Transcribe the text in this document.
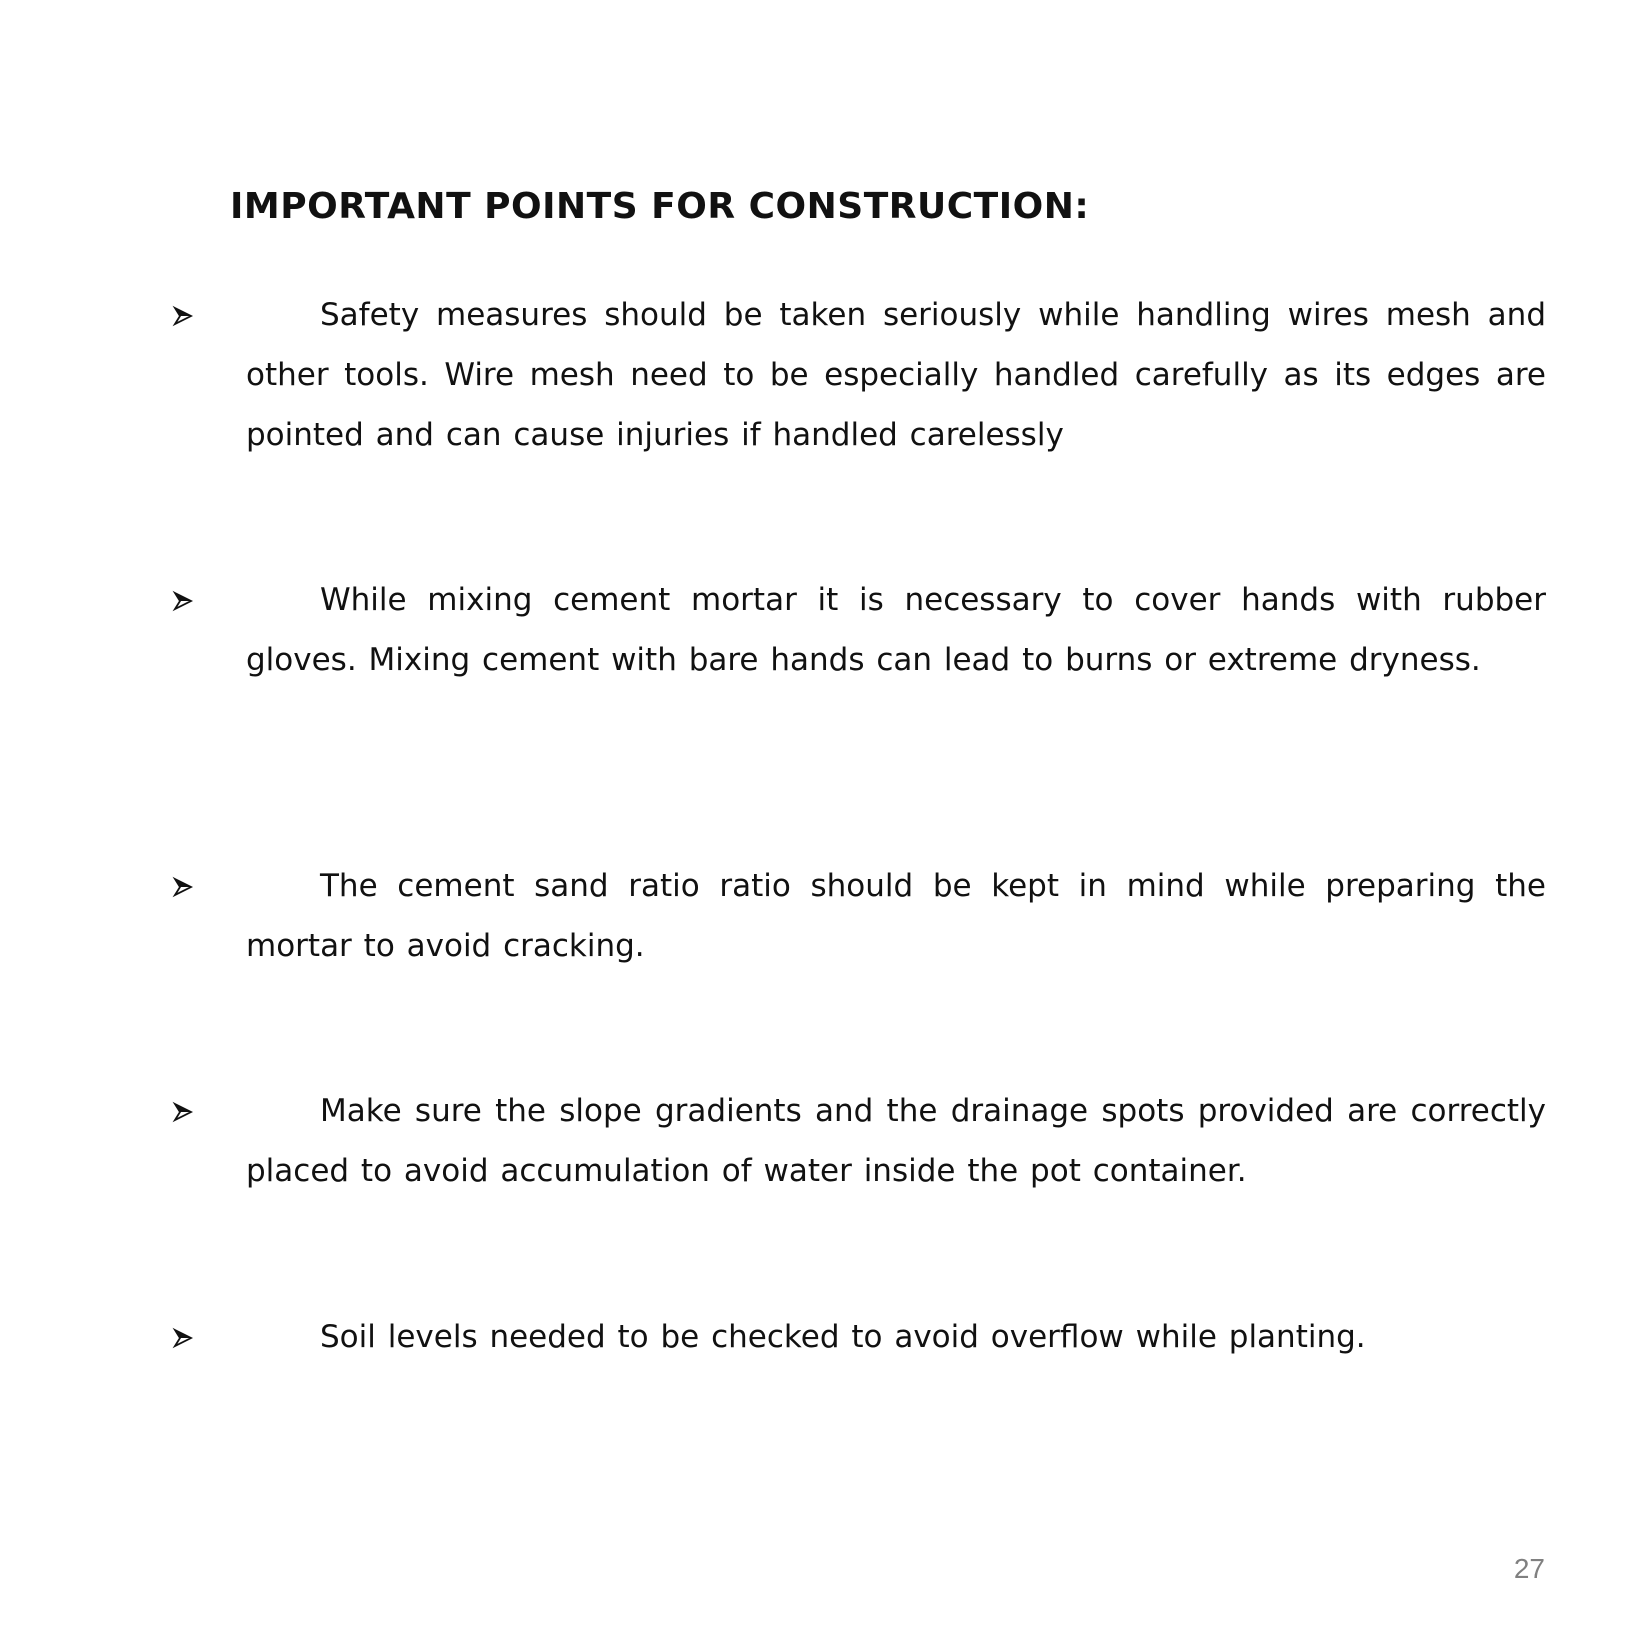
IMPORTANT POINTS FOR CONSTRUCTION:
Safety measures should be taken seriously while handling wires mesh and other tools. Wire mesh need to be especially handled carefully as its edges are pointed and can cause injuries if handled carelessly
While mixing cement mortar it is necessary to cover hands with rubber gloves. Mixing cement with bare hands can lead to burns or extreme dryness.
The cement sand ratio ratio should be kept in mind while preparing the mortar to avoid cracking.
Make sure the slope gradients and the drainage spots provided are correctly placed to avoid accumulation of water inside the pot container.
Soil levels needed to be checked to avoid overflow while planting.
27
